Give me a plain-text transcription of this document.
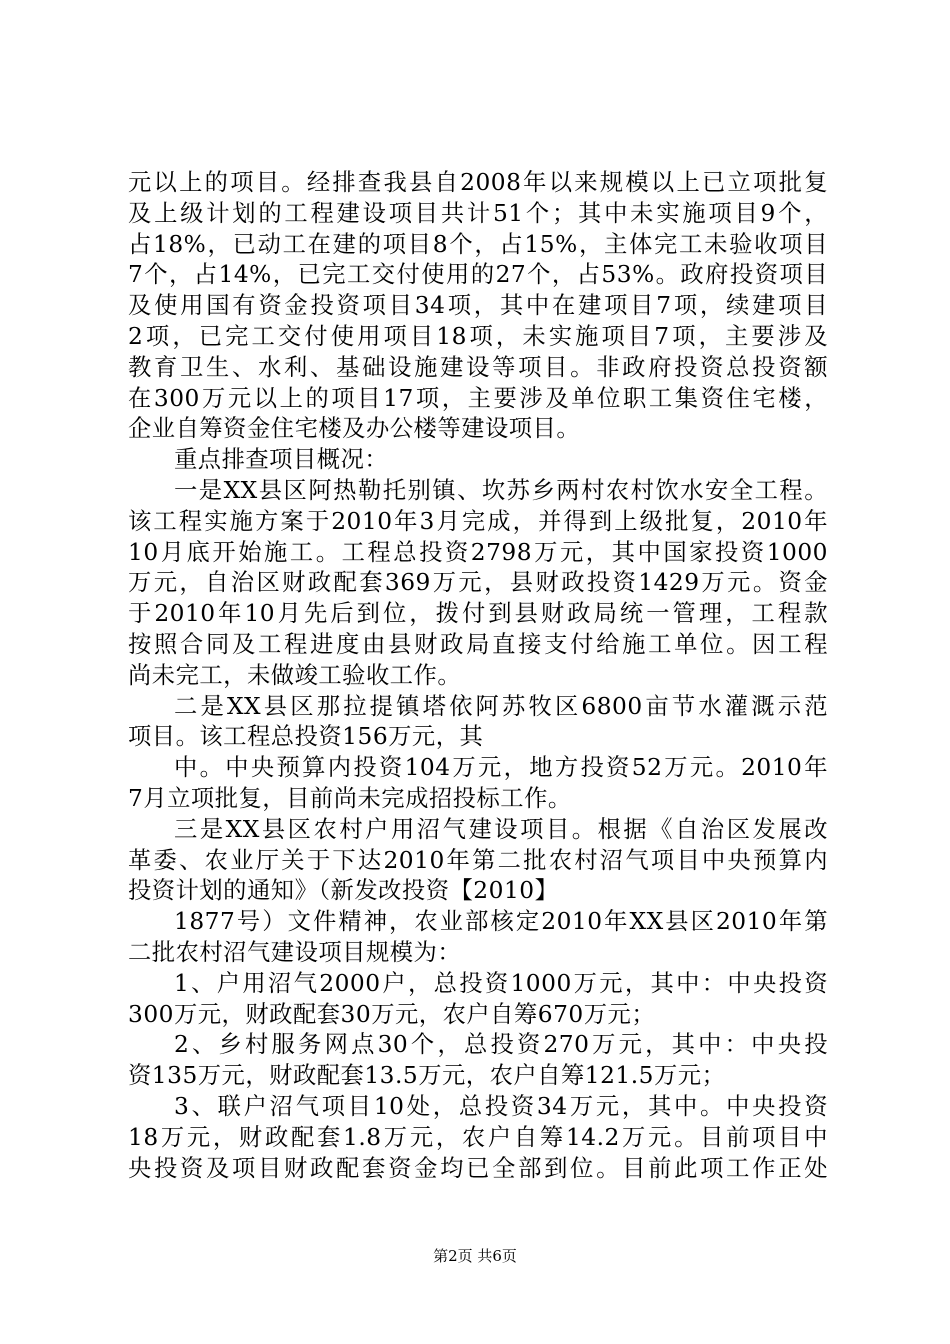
元以上的项目。经排查我县自2008年以来规模以上已立项批复
及上级计划的工程建设项目共计51个；其中未实施项目9个，
占18%，已动工在建的项目8个，占15%，主体完工未验收项目
7个，占14%，已完工交付使用的27个，占53%。政府投资项目
及使用国有资金投资项目34项，其中在建项目7项，续建项目
2项，已完工交付使用项目18项，未实施项目7项，主要涉及
教育卫生、水利、基础设施建设等项目。非政府投资总投资额
在300万元以上的项目17项，主要涉及单位职工集资住宅楼，
企业自筹资金住宅楼及办公楼等建设项目。
重点排查项目概况：
一是XX县区阿热勒托别镇、坎苏乡两村农村饮水安全工程。
该工程实施方案于2010年3月完成，并得到上级批复，2010年
10月底开始施工。工程总投资2798万元，其中国家投资1000
万元，自治区财政配套369万元，县财政投资1429万元。资金
于2010年10月先后到位，拨付到县财政局统一管理，工程款
按照合同及工程进度由县财政局直接支付给施工单位。因工程
尚未完工，未做竣工验收工作。
二是XX县区那拉提镇塔依阿苏牧区6800亩节水灌溉示范
项目。该工程总投资156万元，其
中。中央预算内投资104万元，地方投资52万元。2010年
7月立项批复，目前尚未完成招投标工作。
三是XX县区农村户用沼气建设项目。根据《自治区发展改
革委、农业厅关于下达2010年第二批农村沼气项目中央预算内
投资计划的通知》（新发改投资【2010】
1877号）文件精神，农业部核定2010年XX县区2010年第
二批农村沼气建设项目规模为：
1、户用沼气2000户，总投资1000万元，其中：中央投资
300万元，财政配套30万元，农户自筹670万元；
2、乡村服务网点30个，总投资270万元，其中：中央投
资135万元，财政配套13.5万元，农户自筹121.5万元；
3、联户沼气项目10处，总投资34万元，其中。中央投资
18万元，财政配套1.8万元，农户自筹14.2万元。目前项目中
央投资及项目财政配套资金均已全部到位。目前此项工作正处
第2页 共6页
